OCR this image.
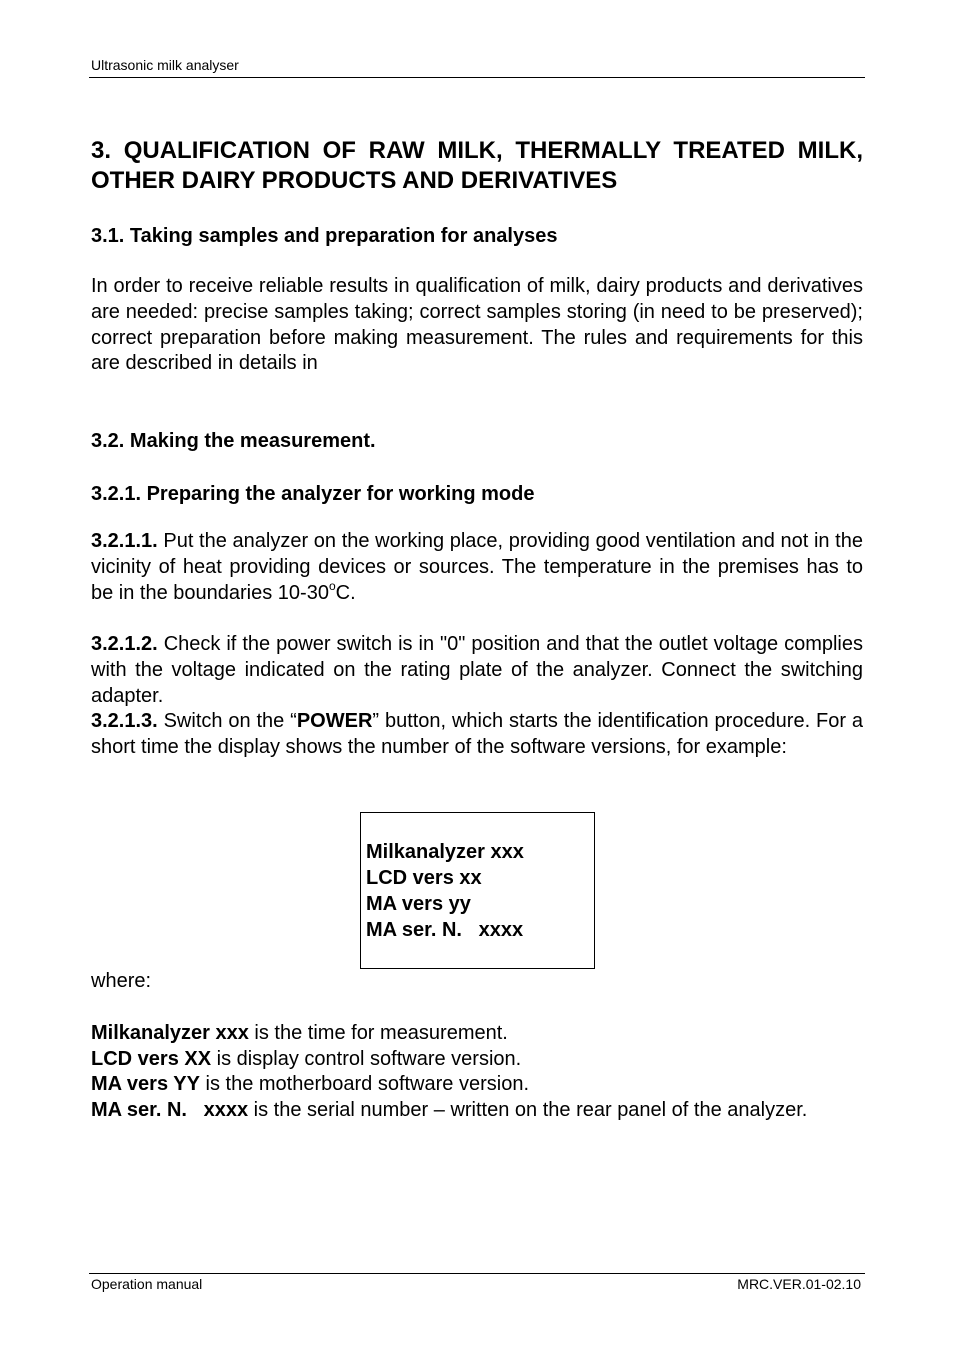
Ultrasonic milk analyser
3. QUALIFICATION OF RAW MILK, THERMALLY TREATED MILK, OTHER DAIRY PRODUCTS AND DERIVATIVES
3.1. Taking samples and preparation for analyses
In order to receive reliable results in qualification of milk, dairy products and derivatives are needed: precise samples taking; correct samples storing (in need to be preserved); correct preparation before making measurement. The rules and requirements for this are described in details in
3.2. Making the measurement.
3.2.1. Preparing the analyzer for working mode
3.2.1.1. Put the analyzer on the working place, providing good ventilation and not in the vicinity of heat providing devices or sources. The temperature in the premises has to be in the boundaries 10-30$^o$C.
3.2.1.2. Check if the power switch is in "0" position and that the outlet voltage complies with the voltage indicated on the rating plate of the analyzer. Connect the switching adapter.
3.2.1.3. Switch on the “POWER” button, which starts the identification procedure. For a short time the display shows the number of the software versions, for example:
where:
Milkanalyzer xxx is the time for measurement.
LCD vers XX is display control software version.
MA vers YY is the motherboard software version.
MA ser. N.   xxxx is the serial number – written on the rear panel of the analyzer.
Milkanalyzer xxx
LCD vers xx
MA vers yy
MA ser. N.   xxxx
Operation manual	MRC.VER.01-02.10
